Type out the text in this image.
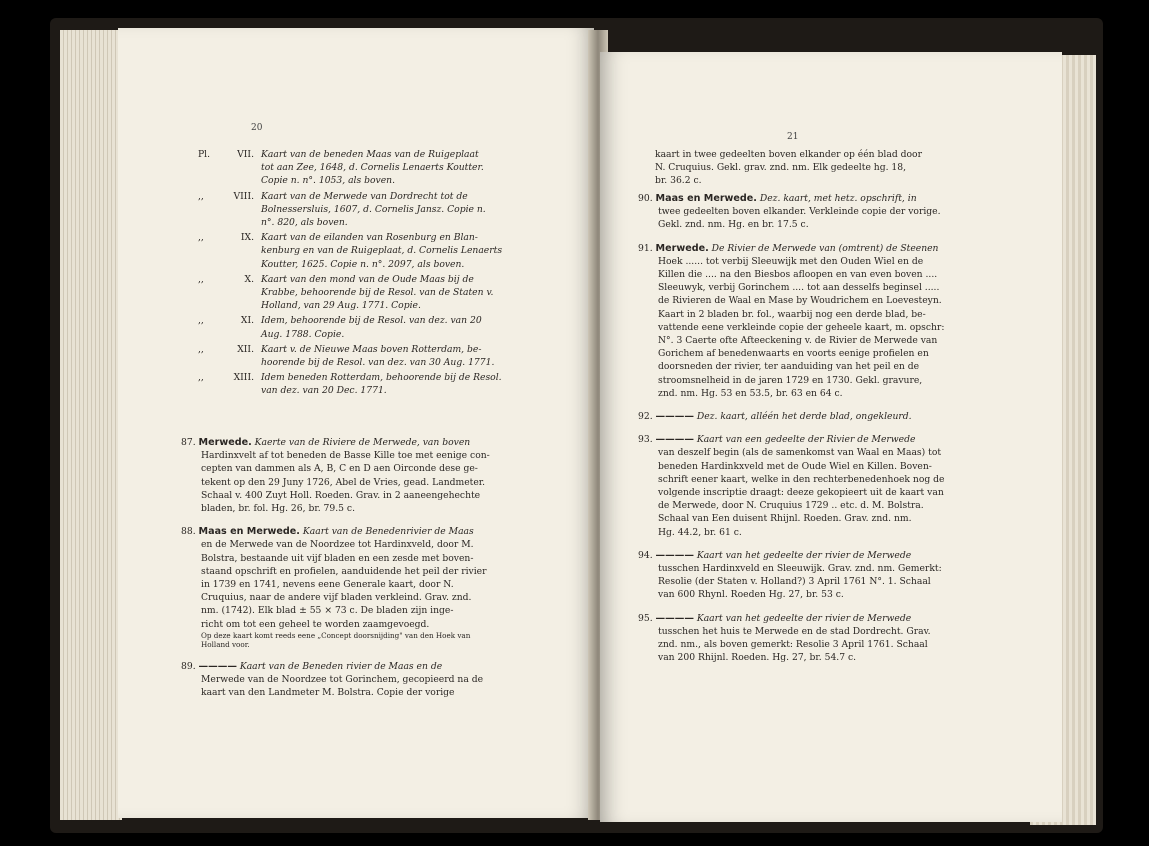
20
Pl.	VII. Kaart van de beneden Maas van de Ruigeplaat
tot aan Zee, 1648, d. Cornelis Lenaerts Koutter.
Copie n. n°. 1053, als boven.
,,	VIII. Kaart van de Merwede van Dordrecht tot de
Bolnessersluis, 1607, d. Cornelis Jansz. Copie n.
n°. 820, als boven.
,,	IX. Kaart van de eilanden van Rosenburg en Blan-
kenburg en van de Ruigeplaat, d. Cornelis Lenaerts
Koutter, 1625. Copie n. n°. 2097, als boven.
,,	X. Kaart van den mond van de Oude Maas bij de
Krabbe, behoorende bij de Resol. van de Staten v.
Holland, van 29 Aug. 1771. Copie.
,,	XI. Idem, behoorende bij de Resol. van dez. van 20
Aug. 1788. Copie.
,,	XII. Kaart v. de Nieuwe Maas boven Rotterdam, be-
hoorende bij de Resol. van dez. van 30 Aug. 1771.
,,	XIII. Idem beneden Rotterdam, behoorende bij de Resol.
van dez. van 20 Dec. 1771.
87. Merwede. Kaerte van de Riviere de Merwede, van boven
Hardinxvelt af tot beneden de Basse Kille toe met eenige con-
cepten van dammen als A, B, C en D aen Oirconde dese ge-
tekent op den 29 Juny 1726, Abel de Vries, gead. Landmeter.
Schaal v. 400 Zuyt Holl. Roeden. Grav. in 2 aaneengehechte
bladen, br. fol. Hg. 26, br. 79.5 c.
88. Maas en Merwede. Kaart van de Benedenrivier de Maas
en de Merwede van de Noordzee tot Hardinxveld, door M.
Bolstra, bestaande uit vijf bladen en een zesde met boven-
staand opschrift en profielen, aanduidende het peil der rivier
in 1739 en 1741, nevens eene Generale kaart, door N.
Cruquius, naar de andere vijf bladen verkleind. Grav. znd.
nm. (1742). Elk blad ± 55 × 73 c. De bladen zijn inge-
richt om tot een geheel te worden zaamgevoegd.
Op deze kaart komt reeds eene „Concept doorsnijding" van den Hoek van
Holland voor.
89. ———— Kaart van de Beneden rivier de Maas en de
Merwede van de Noordzee tot Gorinchem, gecopieerd na de
kaart van den Landmeter M. Bolstra. Copie der vorige
21
kaart in twee gedeelten boven elkander op één blad door
N. Cruquius. Gekl. grav. znd. nm. Elk gedeelte hg. 18,
br. 36.2 c.
90. Maas en Merwede. Dez. kaart, met hetz. opschrift, in
twee gedeelten boven elkander. Verkleinde copie der vorige.
Gekl. znd. nm. Hg. en br. 17.5 c.
91. Merwede. De Rivier de Merwede van (omtrent) de Steenen
Hoek ...... tot verbij Sleeuwijk met den Ouden Wiel en de
Killen die .... na den Biesbos afloopen en van even boven ....
Sleeuwyk, verbij Gorinchem .... tot aan desselfs beginsel .....
de Rivieren de Waal en Mase by Woudrichem en Loevesteyn.
Kaart in 2 bladen br. fol., waarbij nog een derde blad, be-
vattende eene verkleinde copie der geheele kaart, m. opschr:
N°. 3 Caerte ofte Afteeckening v. de Rivier de Merwede van
Gorichem af benedenwaarts en voorts eenige profielen en
doorsneden der rivier, ter aanduiding van het peil en de
stroomsnelheid in de jaren 1729 en 1730. Gekl. gravure,
znd. nm. Hg. 53 en 53.5, br. 63 en 64 c.
92. ———— Dez. kaart, alléén het derde blad, ongekleurd.
93. ———— Kaart van een gedeelte der Rivier de Merwede
van deszelf begin (als de samenkomst van Waal en Maas) tot
beneden Hardinkxveld met de Oude Wiel en Killen. Boven-
schrift eener kaart, welke in den rechterbenedenhoek nog de
volgende inscriptie draagt: deeze gekopieert uit de kaart van
de Merwede, door N. Cruquius 1729 .. etc. d. M. Bolstra.
Schaal van Een duisent Rhijnl. Roeden. Grav. znd. nm.
Hg. 44.2, br. 61 c.
94. ———— Kaart van het gedeelte der rivier de Merwede
tusschen Hardinxveld en Sleeuwijk. Grav. znd. nm. Gemerkt:
Resolie (der Staten v. Holland?) 3 April 1761 N°. 1. Schaal
van 600 Rhynl. Roeden Hg. 27, br. 53 c.
95. ———— Kaart van het gedeelte der rivier de Merwede
tusschen het huis te Merwede en de stad Dordrecht. Grav.
znd. nm., als boven gemerkt: Resolie 3 April 1761. Schaal
van 200 Rhijnl. Roeden. Hg. 27, br. 54.7 c.
